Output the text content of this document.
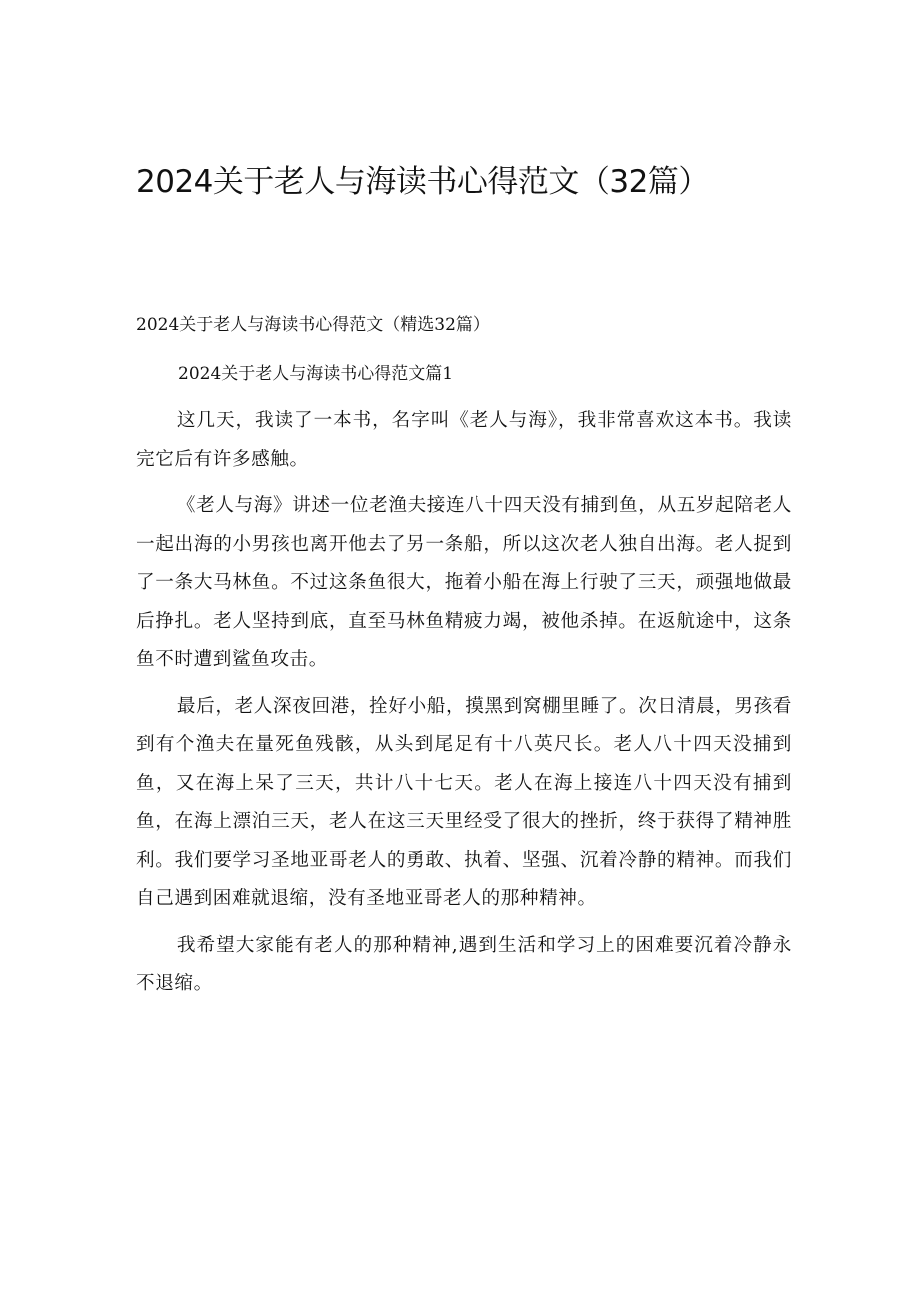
2024关于老人与海读书心得范文（32篇）

2024关于老人与海读书心得范文（精选32篇）

2024关于老人与海读书心得范文篇1

这几天，我读了一本书，名字叫《老人与海》，我非常喜欢这本书。我读完它后有许多感触。

《老人与海》讲述一位老渔夫接连八十四天没有捕到鱼，从五岁起陪老人一起出海的小男孩也离开他去了另一条船，所以这次老人独自出海。老人捉到了一条大马林鱼。不过这条鱼很大，拖着小船在海上行驶了三天，顽强地做最后挣扎。老人坚持到底，直至马林鱼精疲力竭，被他杀掉。在返航途中，这条鱼不时遭到鲨鱼攻击。

最后，老人深夜回港，拴好小船，摸黑到窝棚里睡了。次日清晨，男孩看到有个渔夫在量死鱼残骸，从头到尾足有十八英尺长。老人八十四天没捕到鱼，又在海上呆了三天，共计八十七天。老人在海上接连八十四天没有捕到鱼，在海上漂泊三天，老人在这三天里经受了很大的挫折，终于获得了精神胜利。我们要学习圣地亚哥老人的勇敢、执着、坚强、沉着冷静的精神。而我们自己遇到困难就退缩，没有圣地亚哥老人的那种精神。

我希望大家能有老人的那种精神,遇到生活和学习上的困难要沉着冷静永不退缩。
